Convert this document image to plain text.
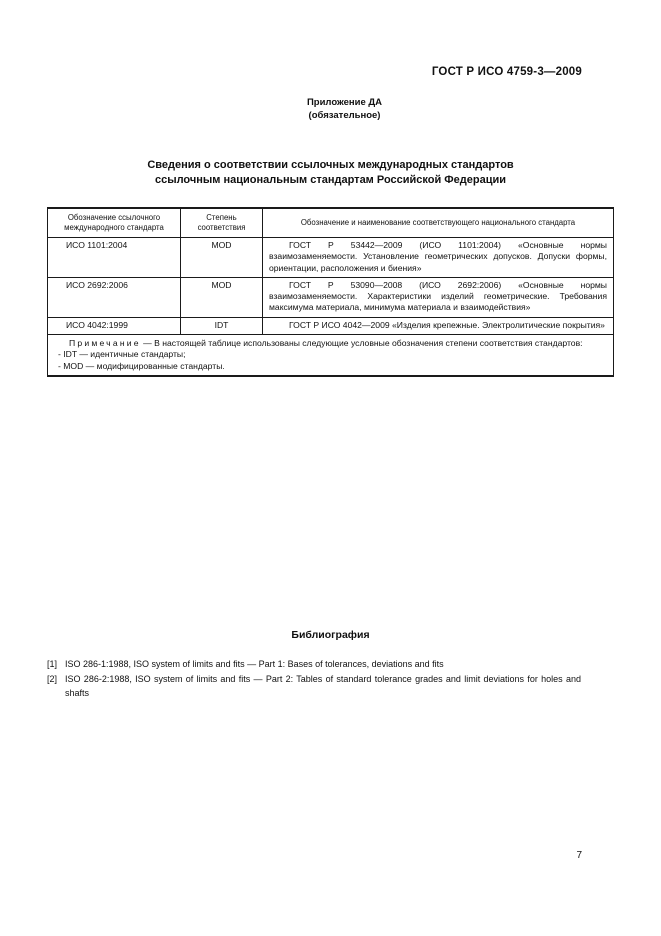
ГОСТ Р ИСО 4759-3—2009
Приложение ДА
(обязательное)
Сведения о соответствии ссылочных международных стандартов
ссылочным национальным стандартам Российской Федерации
Обозначение ссылочного международного стандарта	Степень соответствия	Обозначение и наименование соответствующего национального стандарта
ИСО 1101:2004	MOD	ГОСТ Р 53442—2009 (ИСО 1101:2004) «Основные нормы взаимозаменяемости. Установление геометрических допусков. Допуски формы, ориентации, расположения и биения»
ИСО 2692:2006	MOD	ГОСТ Р 53090—2008 (ИСО 2692:2006) «Основные нормы взаимозаменяемости. Характеристики изделий геометрические. Требования максимума материала, минимума материала и взаимодействия»
ИСО 4042:1999	IDT	ГОСТ Р ИСО 4042—2009 «Изделия крепежные. Электролитические покрытия»

Примечание — В настоящей таблице использованы следующие условные обозначения степени соответствия стандартов:
- IDT — идентичные стандарты;
- MOD — модифицированные стандарты.		
Библиография
[1] ISO 286-1:1988, ISO system of limits and fits — Part 1: Bases of tolerances, deviations and fits
[2] ISO 286-2:1988, ISO system of limits and fits — Part 2: Tables of standard tolerance grades and limit deviations for holes and shafts
7
